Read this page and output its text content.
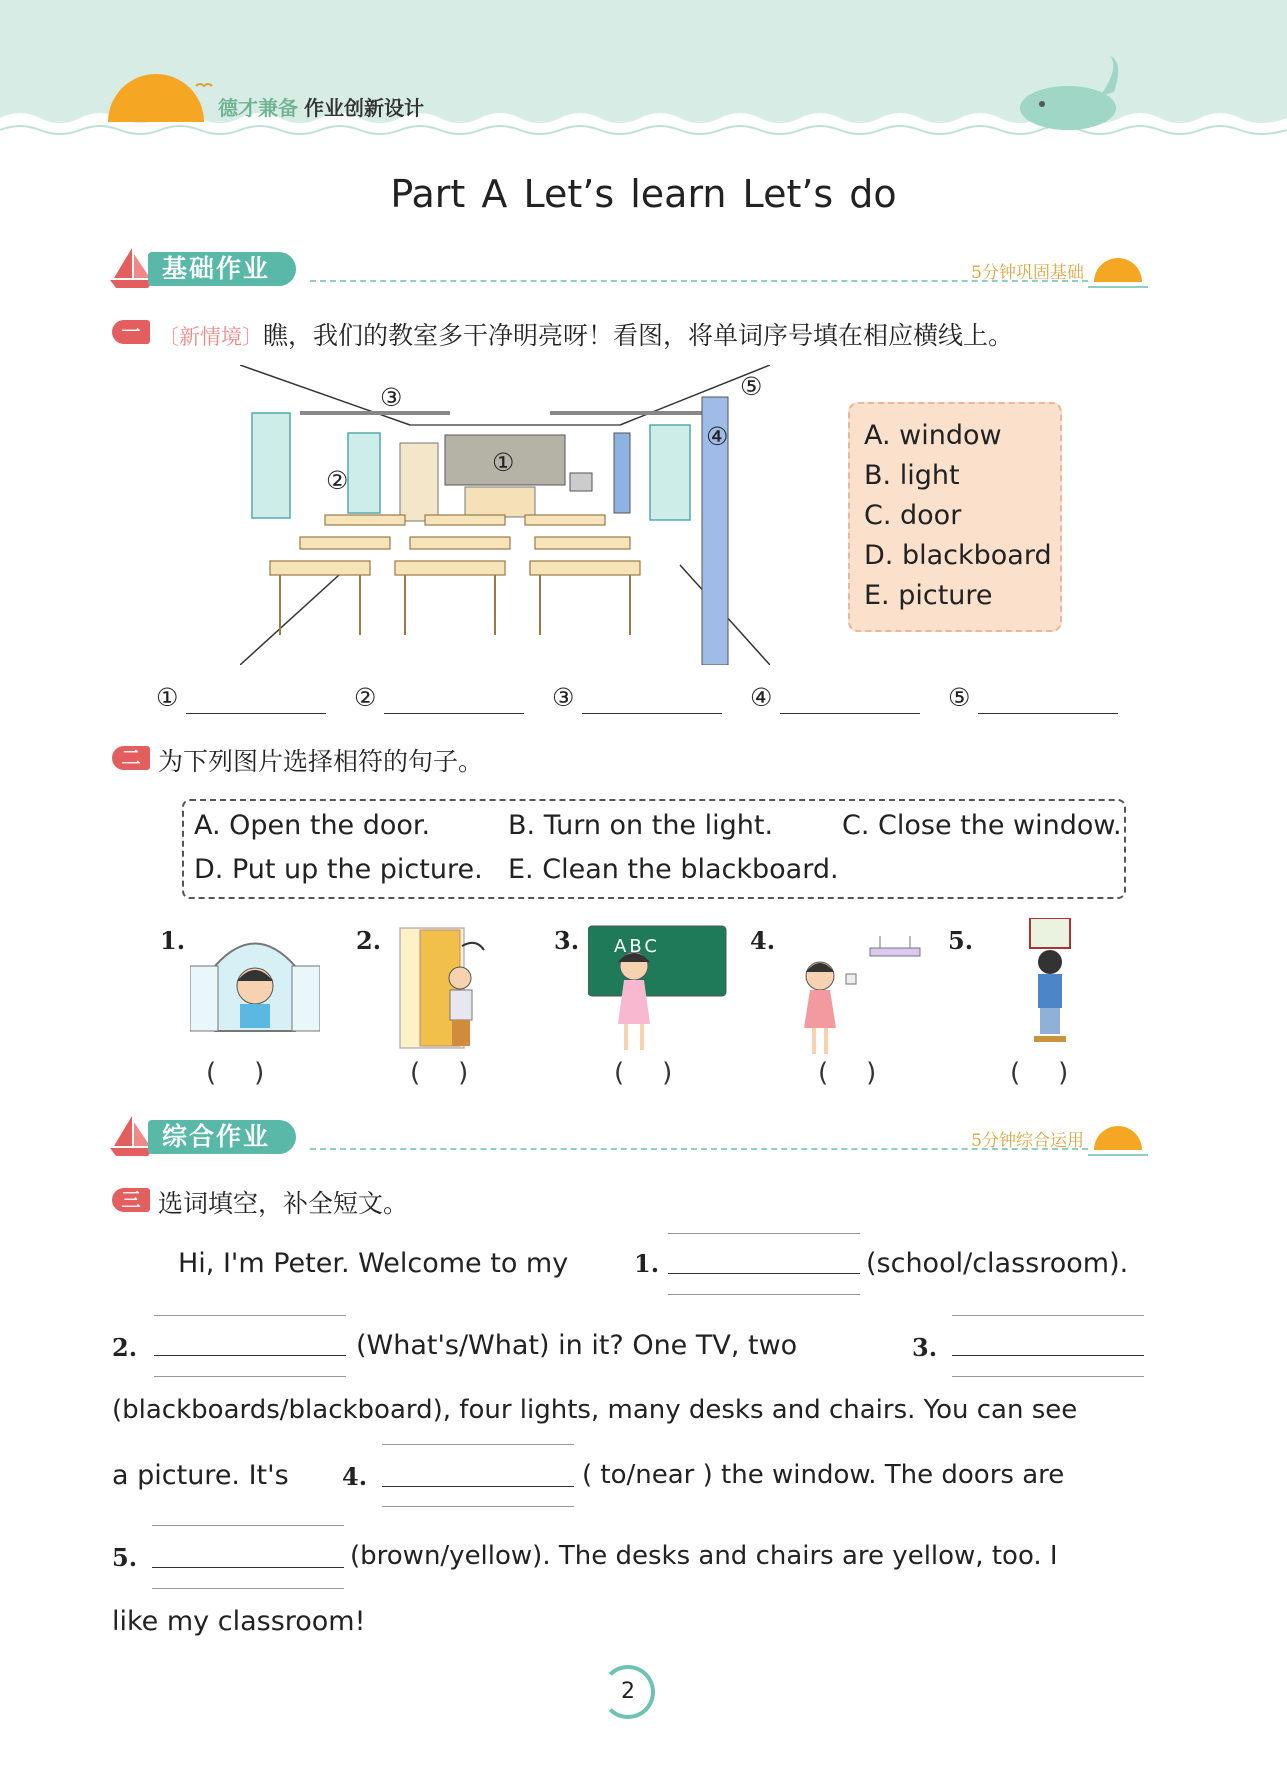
德才兼备 作业创新设计
Part A Let’s learn Let’s do
基础作业	5分钟巩固基础
一 〔新情境〕瞧，我们的教室多干净明亮呀！看图，将单词序号填在相应横线上。
③
①
②
④
⑤
A. window
B. light
C. door
D. blackboard
E. picture
①	②	③	④	⑤
二 为下列图片选择相符的句子。
A. Open the door.	B. Turn on the light.	C. Close the window.
D. Put up the picture. E. Clean the blackboard.
1.	2.	3.	4.	5.
ABC
()	()	()	()	()
综合作业	5分钟综合运用
三 选词填空，补全短文。
Hi, I'm Peter. Welcome to my	1.	(school/classroom).
2.	(What's/What) in it? One TV, two	3.
(blackboards/blackboard), four lights, many desks and chairs. You can see
a picture. It's 4.	( to/near ) the window. The doors are
5.	(brown/yellow). The desks and chairs are yellow, too. I
like my classroom!
2
